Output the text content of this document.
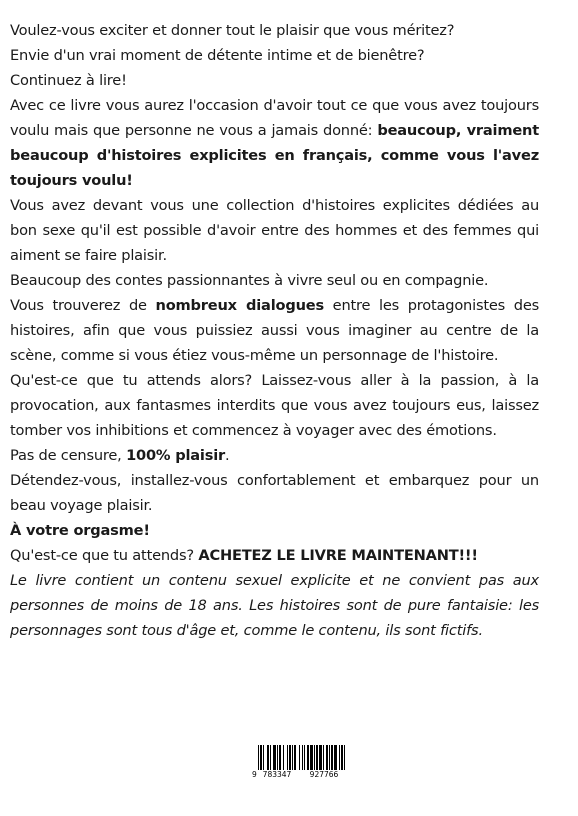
Voulez-vous exciter et donner tout le plaisir que vous méritez?

Envie d'un vrai moment de détente intime et de bienêtre?

Continuez à lire!

Avec ce livre vous aurez l'occasion d'avoir tout ce que vous avez toujours voulu mais que personne ne vous a jamais donné: beaucoup, vraiment beaucoup d'histoires explicites en français, comme vous l'avez toujours voulu!

Vous avez devant vous une collection d'histoires explicites dédiées au bon sexe qu'il est possible d'avoir entre des hommes et des femmes qui aiment se faire plaisir.

Beaucoup des contes passionnantes à vivre seul ou en compagnie.

Vous trouverez de nombreux dialogues entre les protagonistes des histoires, afin que vous puissiez aussi vous imaginer au centre de la scène, comme si vous étiez vous-même un personnage de l'histoire.

Qu'est-ce que tu attends alors? Laissez-vous aller à la passion, à la provocation, aux fantasmes interdits que vous avez toujours eus, laissez tomber vos inhibitions et commencez à voyager avec des émotions.

Pas de censure, 100% plaisir.

Détendez-vous, installez-vous confortablement et embarquez pour un beau voyage plaisir.

À votre orgasme!

Qu'est-ce que tu attends? ACHETEZ LE LIVRE MAINTENANT!!!

Le livre contient un contenu sexuel explicite et ne convient pas aux personnes de moins de 18 ans. Les histoires sont de pure fantaisie: les personnages sont tous d'âge et, comme le contenu, ils sont fictifs.

9 783347 927766
